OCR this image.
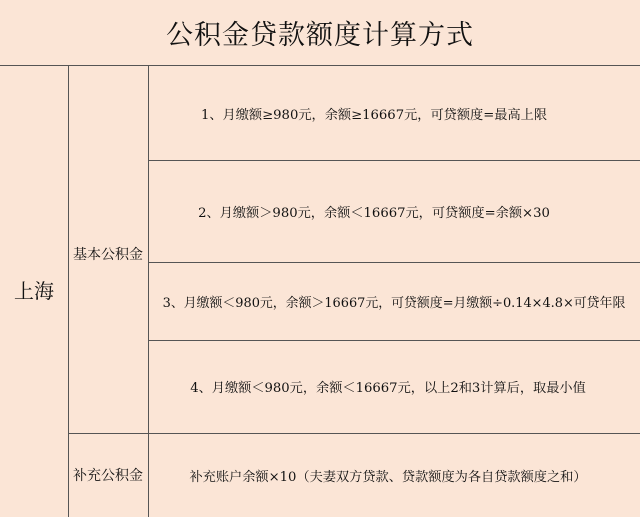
公积金贷款额度计算方式
上海
基本公积金
补充公积金
1、月缴额≥980元，余额≥16667元，可贷额度=最高上限
2、月缴额＞980元，余额＜16667元，可贷额度=余额×30
3、月缴额＜980元，余额＞16667元，可贷额度=月缴额÷0.14×4.8×可贷年限
4、月缴额＜980元，余额＜16667元，以上2和3计算后，取最小值
补充账户余额×10（夫妻双方贷款、贷款额度为各自贷款额度之和）
